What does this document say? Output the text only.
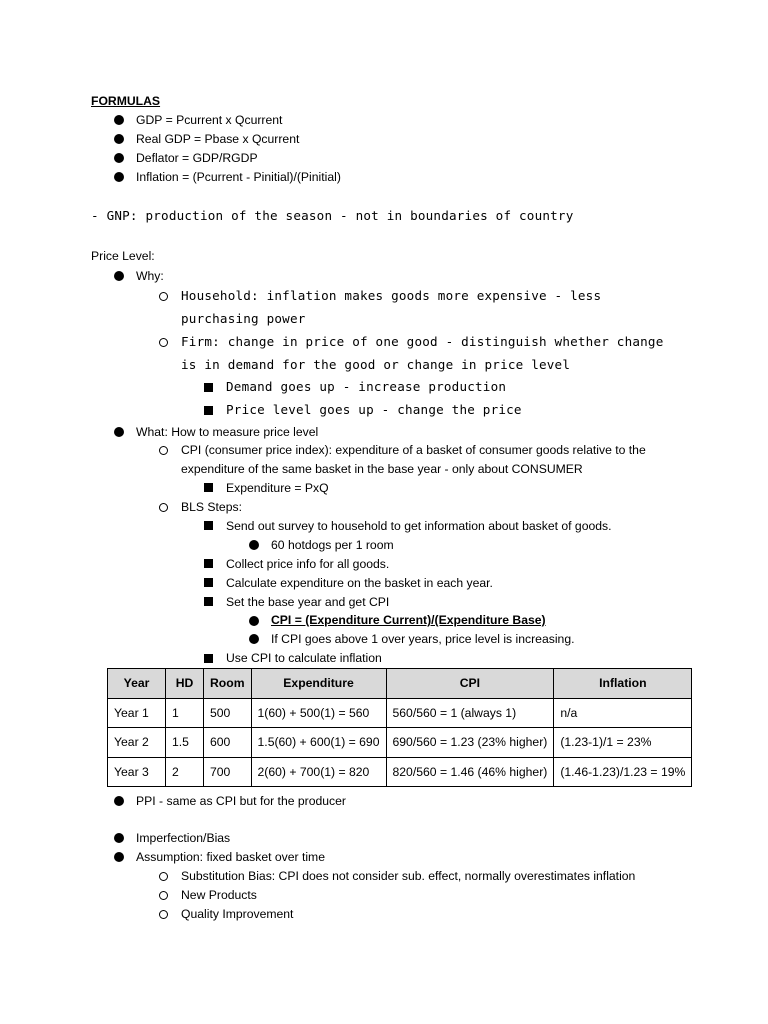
FORMULAS
GDP = Pcurrent x Qcurrent
Real GDP = Pbase x Qcurrent
Deflator = GDP/RGDP
Inflation = (Pcurrent - Pinitial)/(Pinitial)
- GNP: production of the season - not in boundaries of country
Price Level:
Why:
Household: inflation makes goods more expensive - less
purchasing power
Firm: change in price of one good - distinguish whether change
is in demand for the good or change in price level
Demand goes up - increase production
Price level goes up - change the price
What: How to measure price level
CPI (consumer price index): expenditure of a basket of consumer goods relative to the
expenditure of the same basket in the base year - only about CONSUMER
Expenditure = PxQ
BLS Steps:
Send out survey to household to get information about basket of goods.
60 hotdogs per 1 room
Collect price info for all goods.
Calculate expenditure on the basket in each year.
Set the base year and get CPI
CPI = (Expenditure Current)/(Expenditure Base)
If CPI goes above 1 over years, price level is increasing.
Use CPI to calculate inflation
Year	HD	Room	Expenditure	CPI	Inflation
Year 1	1	500	1(60) + 500(1) = 560	560/560 = 1 (always 1)	n/a
Year 2	1.5	600	1.5(60) + 600(1) = 690	690/560 = 1.23 (23% higher)	(1.23-1)/1 = 23%
Year 3	2	700	2(60) + 700(1) = 820	820/560 = 1.46 (46% higher)	(1.46-1.23)/1.23 = 19%
PPI - same as CPI but for the producer
Imperfection/Bias
Assumption: fixed basket over time
Substitution Bias: CPI does not consider sub. effect, normally overestimates inflation
New Products
Quality Improvement
